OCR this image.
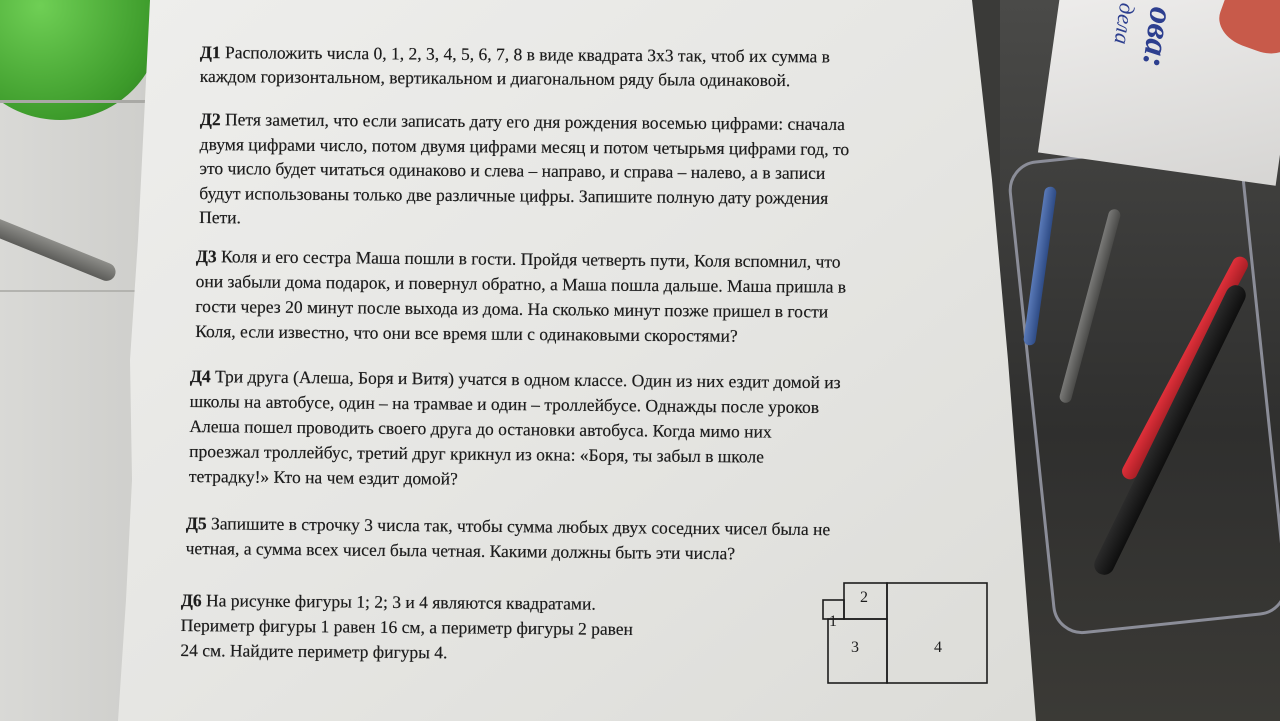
ова:
дела

Д1 Расположить числа 0, 1, 2, 3, 4, 5, 6, 7, 8 в виде квадрата 3х3 так, чтоб их сумма в

каждом горизонтальном, вертикальном и диагональном ряду была одинаковой.

Д2 Петя заметил, что если записать дату его дня рождения восемью цифрами: сначала

двумя цифрами число, потом двумя цифрами месяц и потом четырьмя цифрами год, то

это число будет читаться одинаково и слева – направо, и справа – налево, а в записи

будут использованы только две различные цифры. Запишите полную дату рождения

Пети.

Д3 Коля и его сестра Маша пошли в гости. Пройдя четверть пути, Коля вспомнил, что

они забыли дома подарок, и повернул обратно, а Маша пошла дальше. Маша пришла в

гости через 20 минут после выхода из дома. На сколько минут позже пришел в гости

Коля, если известно, что они все время шли с одинаковыми скоростями?

Д4 Три друга (Алеша, Боря и Витя) учатся в одном классе. Один из них ездит домой из

школы на автобусе, один – на трамвае и один – троллейбусе. Однажды после уроков

Алеша пошел проводить своего друга до остановки автобуса. Когда мимо них

проезжал троллейбус, третий друг крикнул из окна: «Боря, ты забыл в школе

тетрадку!» Кто на чем ездит домой?

Д5 Запишите в строчку 3 числа так, чтобы сумма любых двух соседних чисел была не

четная, а сумма всех чисел была четная. Какими должны быть эти числа?

Д6 На рисунке фигуры 1; 2; 3 и 4 являются квадратами.

Периметр фигуры 1 равен 16 см, а периметр фигуры 2 равен

24 см. Найдите периметр фигуры 4.

1
2
3	4
